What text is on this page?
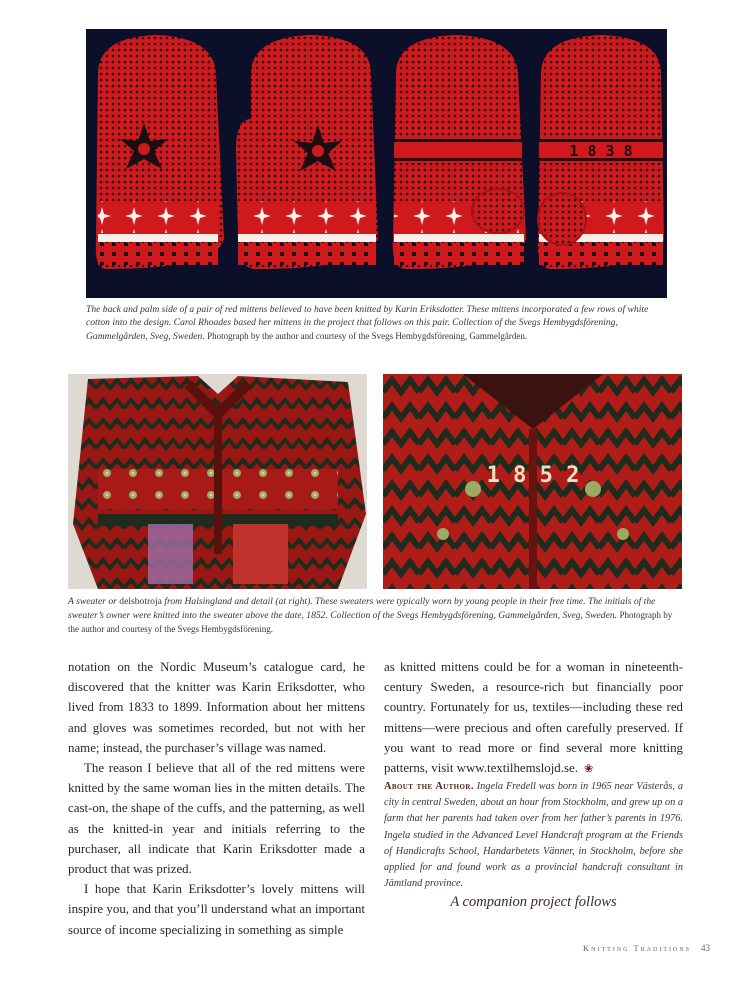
1 8 3 8
The back and palm side of a pair of red mittens believed to have been knitted by Karin Eriksdotter. These mittens incorporated a few rows of white cotton into the design. Carol Rhoades based her mittens in the project that follows on this pair. Collection of the Svegs Hembygdsförening, Gammelgården, Sveg, Sweden. Photograph by the author and courtesy of the Svegs Hembygdsförening, Gammelgården.
1 8 5 2
A sweater or delsbotroja from Halsingland and detail (at right). These sweaters were typically worn by young people in their free time. The initials of the sweater’s owner were knitted into the sweater above the date, 1852. Collection of the Svegs Hembygdsförening, Gammelgården, Sveg, Sweden. Photograph by the author and courtesy of the Svegs Hembygdsförening.

notation on the Nordic Museum’s catalogue card, he discovered that the knitter was Karin Eriksdotter, who lived from 1833 to 1899. Information about her mittens and gloves was sometimes recorded, but not with her name; instead, the purchaser’s village was named.

The reason I believe that all of the red mittens were knitted by the same woman lies in the mitten details. The cast-on, the shape of the cuffs, and the patterning, as well as the knitted-in year and initials referring to the purchaser, all indicate that Karin Eriksdotter made a product that was prized.

I hope that Karin Eriksdotter’s lovely mittens will inspire you, and that you’ll understand what an important source of income specializing in something as simple

as knitted mittens could be for a woman in nineteenth-century Sweden, a resource-rich but financially poor country. Fortunately for us, textiles—including these red mittens—were precious and often carefully preserved. If you want to read more or find several more knitting patterns, visit www.textilhemslojd.se. ❀

About the Author. Ingela Fredell was born in 1965 near Västerås, a city in central Sweden, about an hour from Stockholm, and grew up on a farm that her parents had taken over from her father’s parents in 1976. Ingela studied in the Advanced Level Handcraft program at the Friends of Handicrafts School, Handarbetets Vänner, in Stockholm, before she applied for and found work as a provincial handcraft consultant in Jämtland province.

A companion project follows

Knitting Traditions 43
